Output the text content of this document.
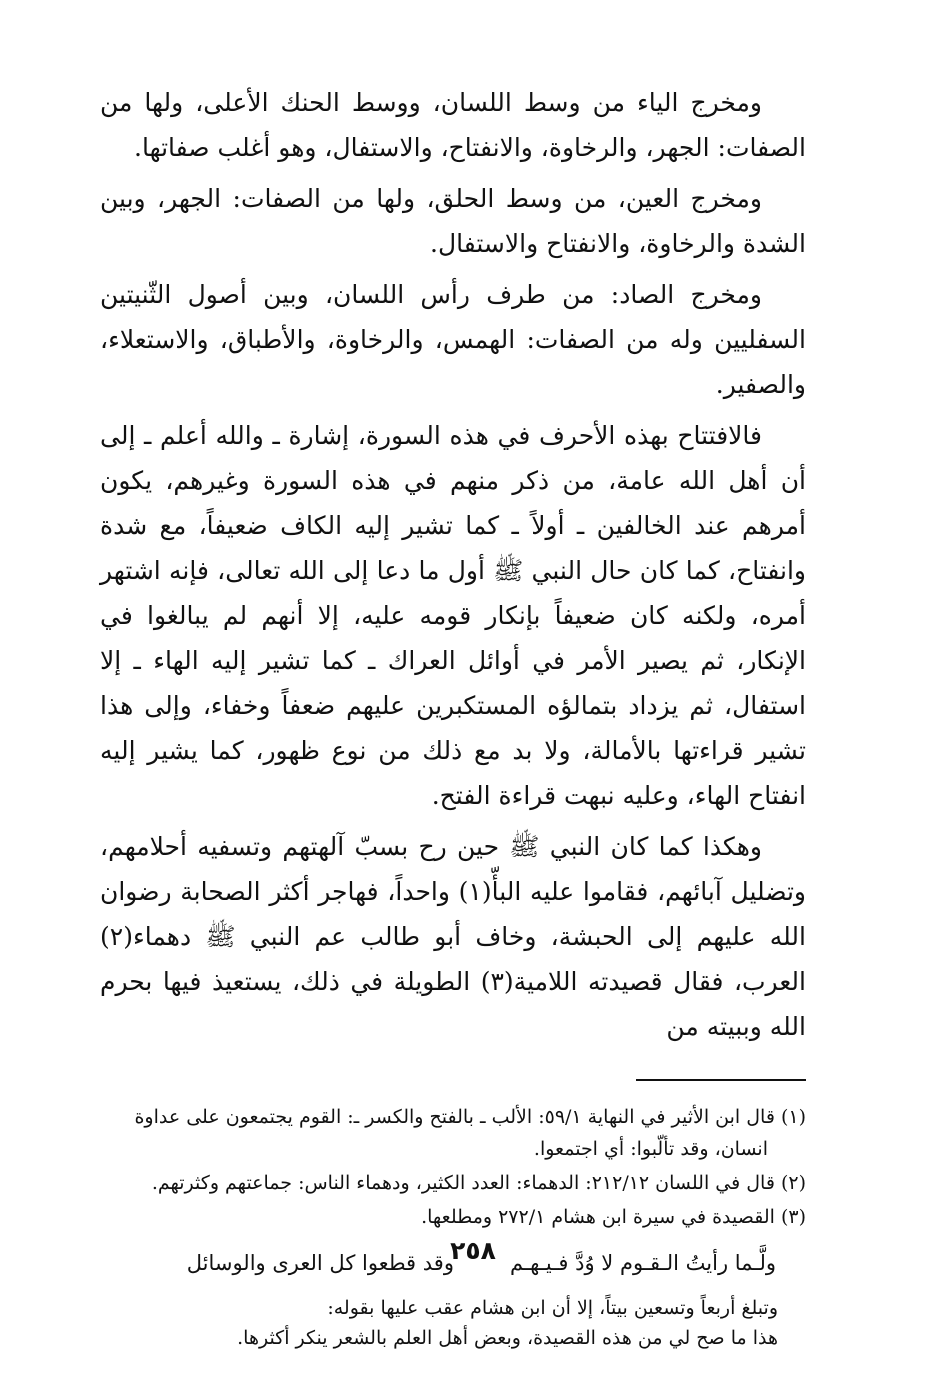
ومخرج الياء من وسط اللسان، ووسط الحنك الأعلى، ولها من الصفات: الجهر، والرخاوة، والانفتاح، والاستفال، وهو أغلب صفاتها.

ومخرج العين، من وسط الحلق، ولها من الصفات: الجهر، وبين الشدة والرخاوة، والانفتاح والاستفال.

ومخرج الصاد: من طرف رأس اللسان، وبين أصول الثّنيتين السفليين وله من الصفات: الهمس، والرخاوة، والأطباق، والاستعلاء، والصفير.

فالافتتاح بهذه الأحرف في هذه السورة، إشارة ـ والله أعلم ـ إلى أن أهل الله عامة، من ذكر منهم في هذه السورة وغيرهم، يكون أمرهم عند الخالفين ـ أولاً ـ كما تشير إليه الكاف ضعيفاً، مع شدة وانفتاح، كما كان حال النبي ﷺ أول ما دعا إلى الله تعالى، فإنه اشتهر أمره، ولكنه كان ضعيفاً بإنكار قومه عليه، إلا أنهم لم يبالغوا في الإنكار، ثم يصير الأمر في أوائل العراك ـ كما تشير إليه الهاء ـ إلا استفال، ثم يزداد بتمالؤه المستكبرين عليهم ضعفاً وخفاء، وإلى هذا تشير قراءتها بالأمالة، ولا بد مع ذلك من نوع ظهور، كما يشير إليه انفتاح الهاء، وعليه نبهت قراءة الفتح.

وهكذا كما كان النبي ﷺ حين رح بسبّ آلهتهم وتسفيه أحلامهم، وتضليل آبائهم، فقاموا عليه البأّ(١) واحداً، فهاجر أكثر الصحابة رضوان الله عليهم إلى الحبشة، وخاف أبو طالب عم النبي ﷺ دهماء(٢) العرب، فقال قصيدته اللامية(٣) الطويلة في ذلك، يستعيذ فيها بحرم الله وببيته من

(١) قال ابن الأثير في النهاية ٥٩/١: الألب ـ بالفتح والكسر ـ: القوم يجتمعون على عداوة
انسان، وقد تألّبوا: أي اجتمعوا.
(٢) قال في اللسان ٢١٢/١٢: الدهماء: العدد الكثير، ودهماء الناس: جماعتهم وكثرتهم.
(٣) القصيدة في سيرة ابن هشام ٢٧٢/١ ومطلعها.
ولَّـما رأيتُ الـقـوم لا وُدَّ فـيـهـم
وقد قطعوا كل العرى والوسائل

وتبلغ أربعاً وتسعين بيتاً، إلا أن ابن هشام عقب عليها بقوله:

هذا ما صح لي من هذه القصيدة، وبعض أهل العلم بالشعر ينكر أكثرها.

٢٥٨
